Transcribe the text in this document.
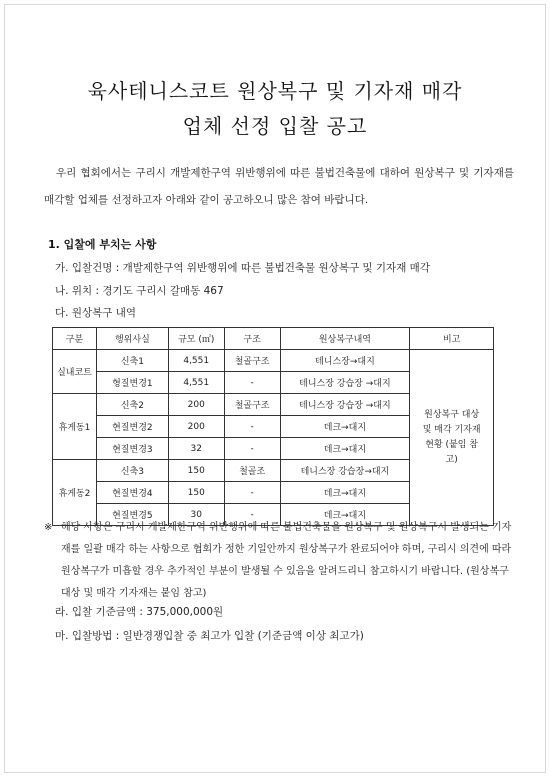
육사테니스코트 원상복구 및 기자재 매각
업체 선정 입찰 공고
우리 협회에서는 구리시 개발제한구역 위반행위에 따른 불법건축물에 대하여 원상복구 및 기자재를 매각할 업체를 선정하고자 아래와 같이 공고하오니 많은 참여 바랍니다.
1. 입찰에 부치는 사항
가. 입찰건명 : 개발제한구역 위반행위에 따른 불법건축물 원상복구 및 기자재 매각
나. 위치 : 경기도 구리시 갈매동 467
다. 원상복구 내역
구분	행위사실	규모 (㎡)	구조	원상복구내역	비고
실내코트	신축1	4,551	철골구조	테니스장→대지	원상복구 대상 및 매각 기자재 현황 (붙임 참고)
	형질변경1	4,551	-	테니스장 강습장 →대지	
휴게동1	신축2	200	철골구조	테니스장 강습장 →대지	
	현질변경2	200	-	데크→대지	
	현질변경3	32	-	데크→대지	
휴게동2	신축3	150	철골조	테니스장 강습장→대지	
	현질변경4	150	-	데크→대지	
	현질변경5	30	-	데크→대지	
※ 해당 사항은 구리시 개발제한구역 위반행위에 따른 불법건축물을 원상복구 및 원상복구시 발생되는 기자재를 일괄 매각 하는 사항으로 협회가 정한 기일안까지 원상복구가 완료되어야 하며, 구리시 의견에 따라 원상복구가 미흡할 경우 추가적인 부분이 발생될 수 있음을 알려드리니 참고하시기 바랍니다. (원상복구 대상 및 매각 기자재는 붙임 참고)
라. 입찰 기준금액 : 375,000,000원
마. 입찰방법 : 일반경쟁입찰 중 최고가 입찰 (기준금액 이상 최고가)
